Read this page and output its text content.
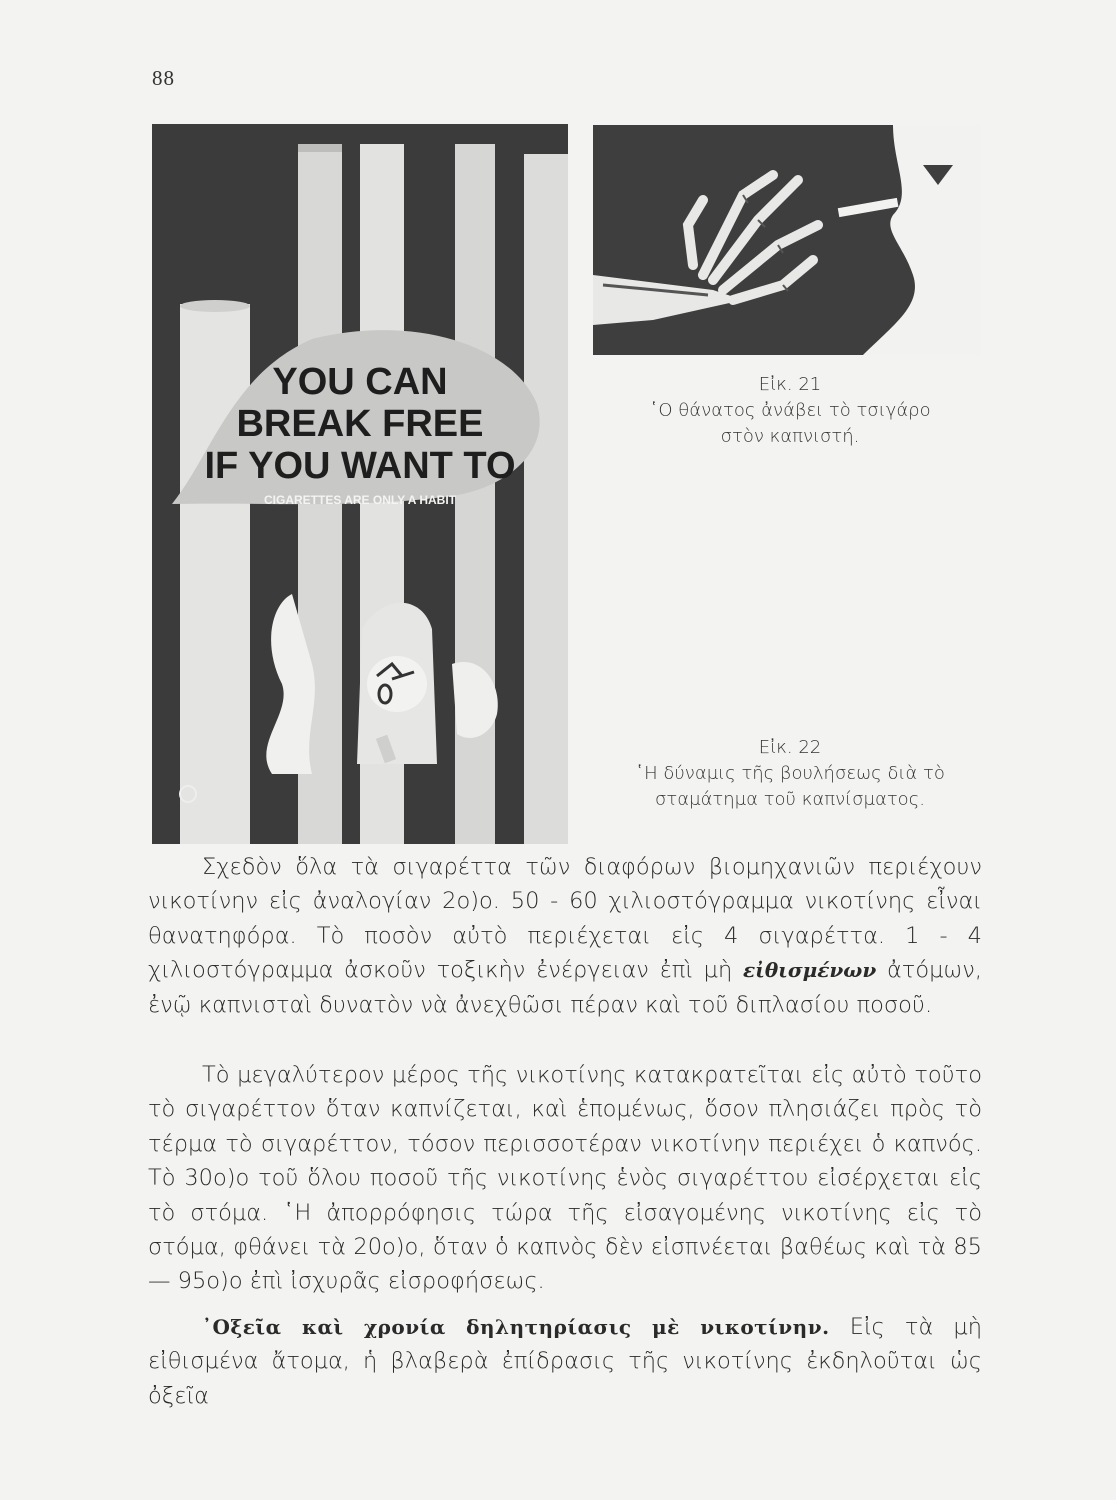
88
YOU CAN
BREAK FREE
IF YOU WANT TO
CIGARETTES ARE ONLY A HABIT
Εἰκ. 21
῾Ο θάνατος ἀνάβει τὸ τσιγάρο
στὸν καπνιστή.
Εἰκ. 22
῾Η δύναμις τῆς βουλήσεως διὰ τὸ
σταμάτημα τοῦ καπνίσματος.

Σχεδὸν ὅλα τὰ σιγαρέττα τῶν διαφόρων βιομηχανιῶν περιέχουν νικοτίνην εἰς ἀναλογίαν 2ο)ο. 50 - 60 χιλιοστόγραμμα νικοτίνης εἶναι θανατηφόρα. Τὸ ποσὸν αὐτὸ περιέχεται εἰς 4 σιγαρέττα. 1 - 4 χιλιοστόγραμμα ἀσκοῦν τοξικὴν ἐνέργειαν ἐπὶ μὴ εἰθισμένων ἀτόμων, ἐνῷ καπνισταὶ δυνατὸν νὰ ἀνεχθῶσι πέραν καὶ τοῦ διπλασίου ποσοῦ.

Τὸ μεγαλύτερον μέρος τῆς νικοτίνης κατακρατεῖται εἰς αὐτὸ τοῦτο τὸ σιγαρέττον ὅταν καπνίζεται, καὶ ἑπομένως, ὅσον πλησιάζει πρὸς τὸ τέρμα τὸ σιγαρέττον, τόσον περισσοτέραν νικοτίνην περιέχει ὁ καπνός. Τὸ 30ο)ο τοῦ ὅλου ποσοῦ τῆς νικοτίνης ἑνὸς σιγαρέττου εἰσέρχεται εἰς τὸ στόμα. ῾Η ἀπορρόφησις τώρα τῆς εἰσαγομένης νικοτίνης εἰς τὸ στόμα, φθάνει τὰ 20ο)ο, ὅταν ὁ καπνὸς δὲν εἰσπνέεται βαθέως καὶ τὰ 85 — 95ο)ο ἐπὶ ἰσχυρᾶς εἰσροφήσεως.

᾿Οξεῖα καὶ χρονία δηλητηρίασις μὲ νικοτίνην. Εἰς τὰ μὴ εἰθισμένα ἄτομα, ἡ βλαβερὰ ἐπίδρασις τῆς νικοτίνης ἐκδηλοῦται ὡς ὀξεῖα
